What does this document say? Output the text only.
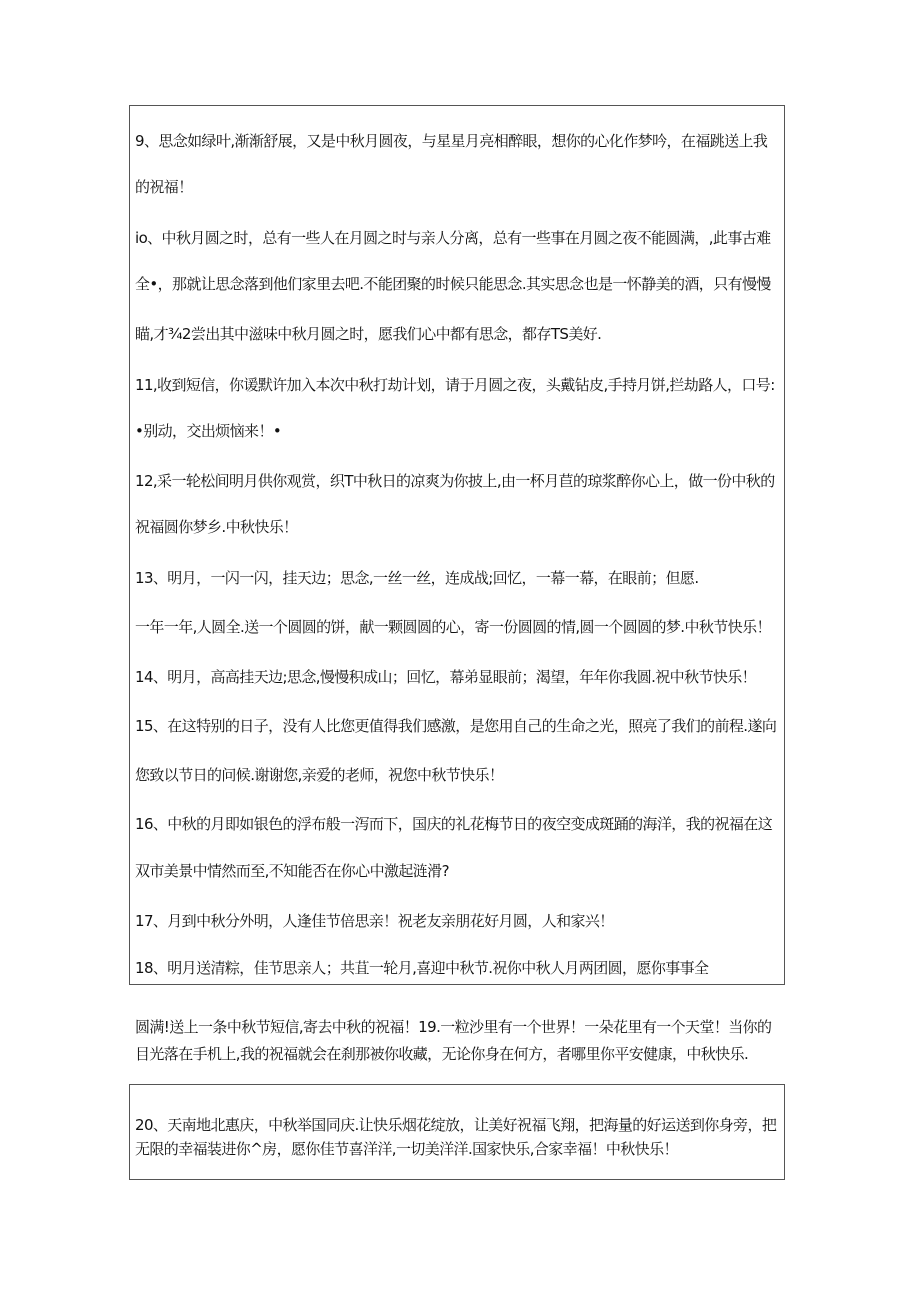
9、思念如绿叶,渐渐舒展，又是中秋月圆夜，与星星月亮相醉眼，想你的心化作梦吟，在福跳送上我
的祝福！
io、中秋月圆之时，总有一些人在月圆之时与亲人分离，总有一些事在月圆之夜不能圆满，,此事古难
全•，那就让思念落到他们家里去吧.不能团聚的时候只能思念.其实思念也是一怀静美的酒，只有慢慢
瞄,才¾2尝出其中滋味中秋月圆之时，愿我们心中都有思念，都存TS美好.
11,收到短信，你谖默许加入本次中秋打劫计划，请于月圆之夜，头戴钻皮,手持月饼,拦劫路人，口号:
•别动，交出烦恼来！•
12,采一轮松间明月供你观赏，织T中秋日的凉爽为你披上,由一杯月苣的琼浆醉你心上，做一份中秋的
祝福圆你梦乡.中秋快乐！
13、明月，一闪一闪，挂天边；思念,一丝一丝，连成战;回忆，一幕一幕，在眼前；但愿.
一年一年,人圆全.送一个圆圆的饼，献一颗圆圆的心，寄一份圆圆的情,圆一个圆圆的梦.中秋节快乐！
14、明月，高高挂天边;思念,慢慢积成山；回忆，幕弟显眼前；渴望，年年你我圆.祝中秋节快乐！
15、在这特别的日子，没有人比您更值得我们感激，是您用自己的生命之光，照亮了我们的前程.遂向
您致以节日的问候.谢谢您,亲爱的老师，祝您中秋节快乐！
16、中秋的月即如银色的浮布般一泻而下，国庆的礼花梅节日的夜空变成斑踊的海洋，我的祝福在这
双市美景中情然而至,不知能否在你心中激起涟滑?
17、月到中秋分外明，人逢佳节倍思亲！祝老友亲朋花好月圆，人和家兴！
18、明月送清粽，佳节思亲人；共苴一轮月,喜迎中秋节.祝你中秋人月两团圆，愿你事事全
圆满!送上一条中秋节短信,寄去中秋的祝福！19.一粒沙里有一个世界！一朵花里有一个天堂！当你的
目光落在手机上,我的祝福就会在刹那被你收藏，无论你身在何方，者哪里你平安健康，中秋快乐.
20、天南地北惠庆，中秋举国同庆.让快乐烟花绽放，让美好祝福飞翔，把海量的好运送到你身旁，把
无限的幸福装进你^房，愿你佳节喜洋洋,一切美洋洋.国家快乐,合家幸福！中秋快乐！
